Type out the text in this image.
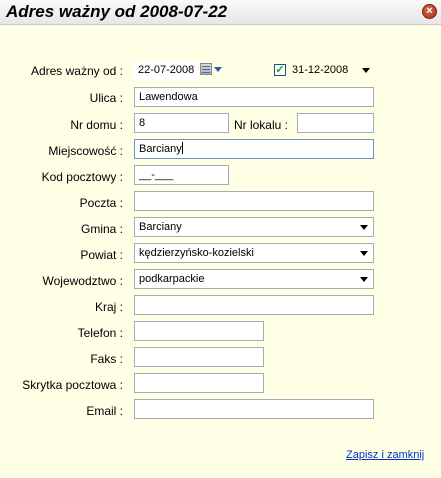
Adres ważny od 2008-07-22	×
Adres ważny od :	22-07-2008	✓ 31-12-2008
Ulica :	Lawendowa
Nr domu :	8	Nr lokalu :
Miejscowość :	Barciany
Kod pocztowy :	__-___
Poczta :
Gmina :	Barciany
Powiat :	kędzierzyńsko-kozielski
Wojewodztwo :	podkarpackie
Kraj :
Telefon :
Faks :
Skrytka pocztowa :
Email :
Zapisz i zamknij
